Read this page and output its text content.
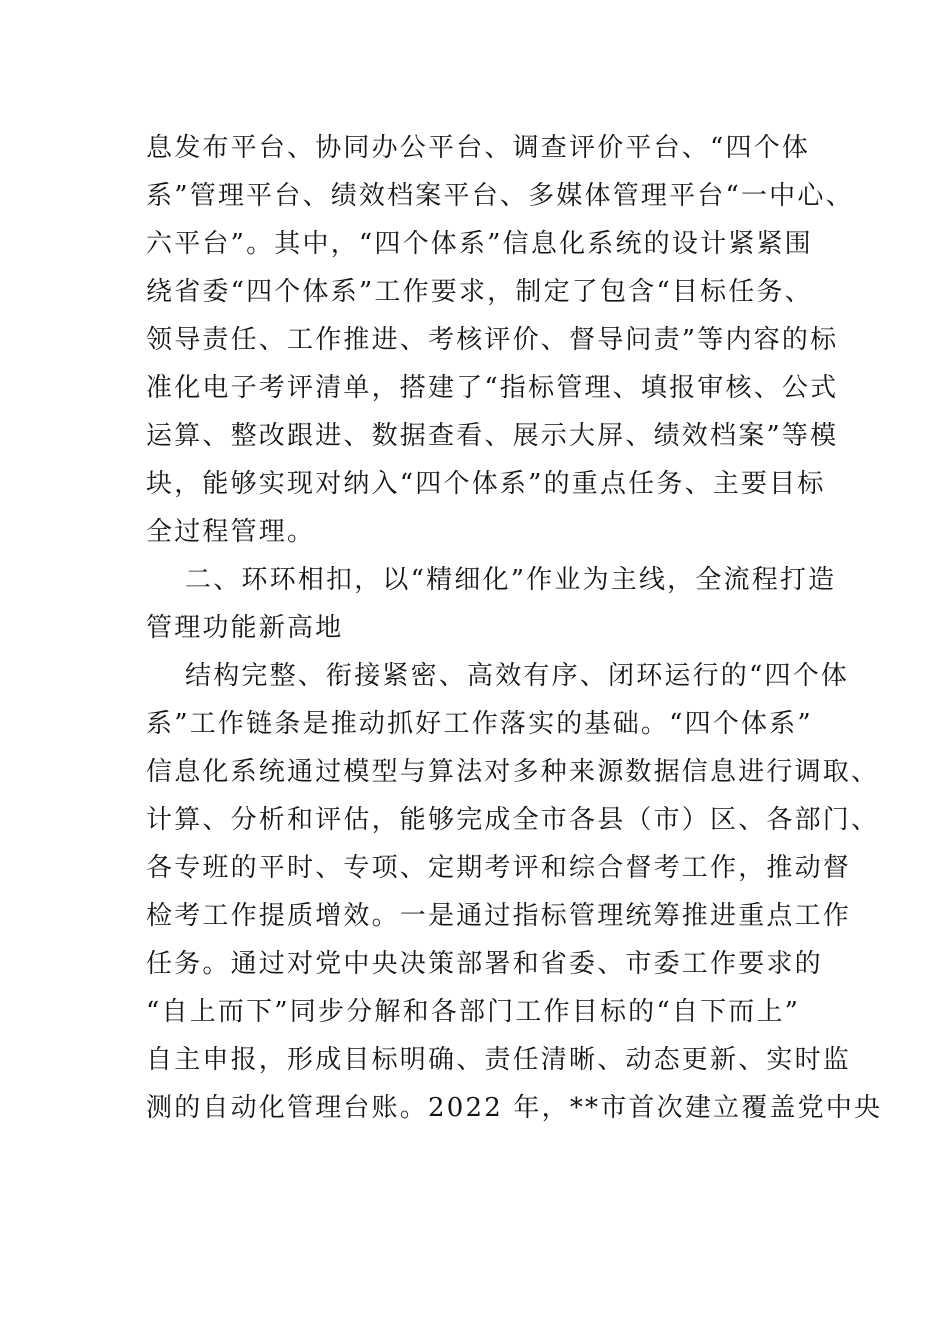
息发布平台、协同办公平台、调查评价平台、“四个体
系”管理平台、绩效档案平台、多媒体管理平台“一中心、
六平台”。其中，“四个体系”信息化系统的设计紧紧围
绕省委“四个体系”工作要求，制定了包含“目标任务、
领导责任、工作推进、考核评价、督导问责”等内容的标
准化电子考评清单，搭建了“指标管理、填报审核、公式
运算、整改跟进、数据查看、展示大屏、绩效档案”等模
块，能够实现对纳入“四个体系”的重点任务、主要目标
全过程管理。
二、环环相扣，以“精细化”作业为主线，全流程打造
管理功能新高地
结构完整、衔接紧密、高效有序、闭环运行的“四个体
系”工作链条是推动抓好工作落实的基础。“四个体系”
信息化系统通过模型与算法对多种来源数据信息进行调取、
计算、分析和评估，能够完成全市各县（市）区、各部门、
各专班的平时、专项、定期考评和综合督考工作，推动督
检考工作提质增效。一是通过指标管理统筹推进重点工作
任务。通过对党中央决策部署和省委、市委工作要求的
“自上而下”同步分解和各部门工作目标的“自下而上”
自主申报，形成目标明确、责任清晰、动态更新、实时监
测的自动化管理台账。2022 年，**市首次建立覆盖党中央
